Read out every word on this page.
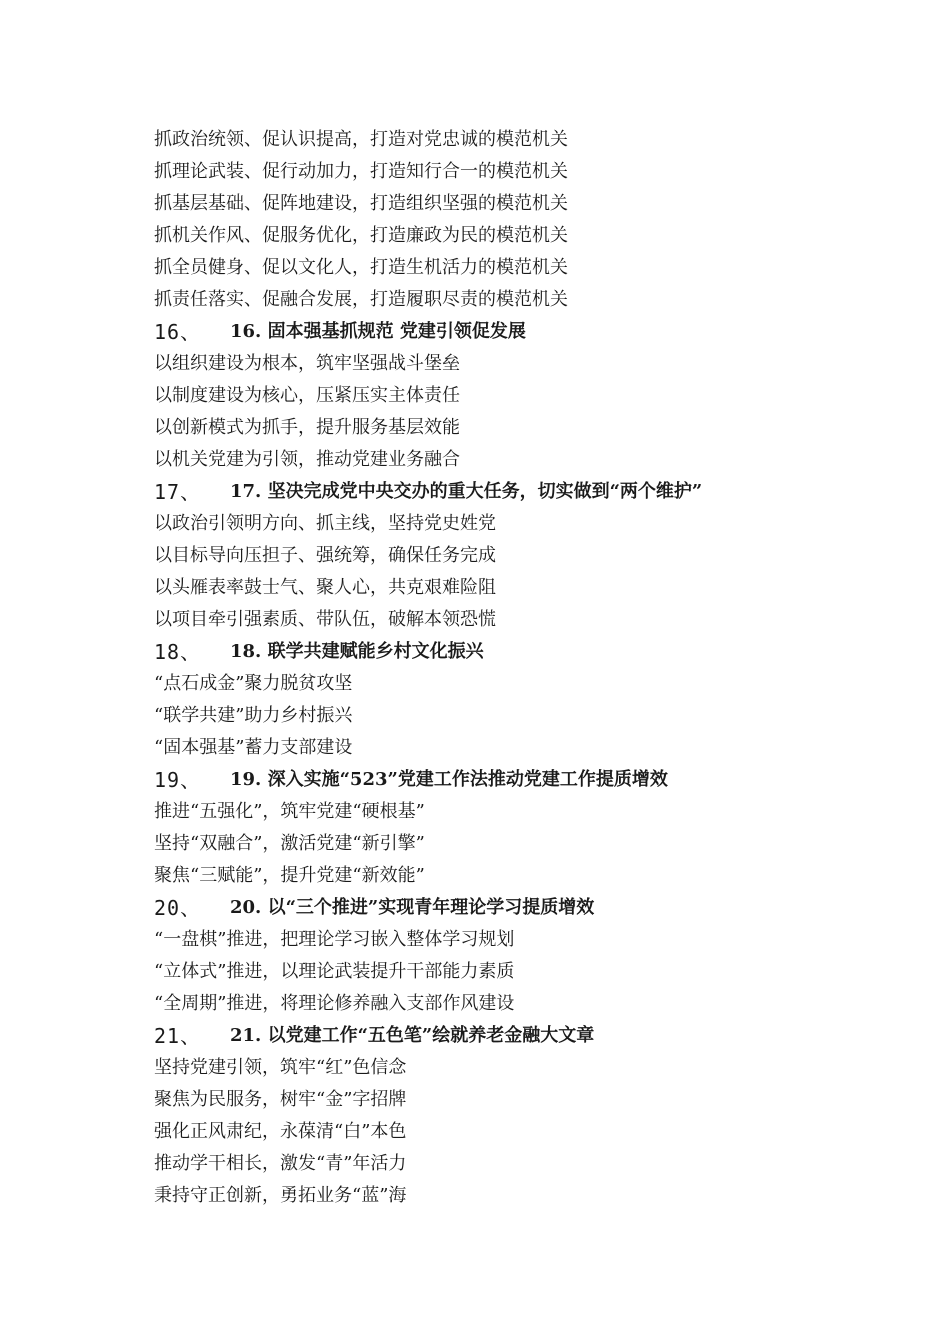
抓政治统领、促认识提高，打造对党忠诚的模范机关
抓理论武装、促行动加力，打造知行合一的模范机关
抓基层基础、促阵地建设，打造组织坚强的模范机关
抓机关作风、促服务优化，打造廉政为民的模范机关
抓全员健身、促以文化人，打造生机活力的模范机关
抓责任落实、促融合发展，打造履职尽责的模范机关
16、	16. 固本强基抓规范 党建引领促发展
以组织建设为根本，筑牢坚强战斗堡垒
以制度建设为核心，压紧压实主体责任
以创新模式为抓手，提升服务基层效能
以机关党建为引领，推动党建业务融合
17、	17. 坚决完成党中央交办的重大任务，切实做到“两个维护”
以政治引领明方向、抓主线，坚持党史姓党
以目标导向压担子、强统筹，确保任务完成
以头雁表率鼓士气、聚人心，共克艰难险阻
以项目牵引强素质、带队伍，破解本领恐慌
18、	18. 联学共建赋能乡村文化振兴
“点石成金”聚力脱贫攻坚
“联学共建”助力乡村振兴
“固本强基”蓄力支部建设
19、	19. 深入实施“523”党建工作法推动党建工作提质增效
推进“五强化”，筑牢党建“硬根基”
坚持“双融合”，激活党建“新引擎”
聚焦“三赋能”，提升党建“新效能”
20、	20. 以“三个推进”实现青年理论学习提质增效
“一盘棋”推进，把理论学习嵌入整体学习规划
“立体式”推进，以理论武装提升干部能力素质
“全周期”推进，将理论修养融入支部作风建设
21、	21. 以党建工作“五色笔”绘就养老金融大文章
坚持党建引领，筑牢“红”色信念
聚焦为民服务，树牢“金”字招牌
强化正风肃纪，永葆清“白”本色
推动学干相长，激发“青”年活力
秉持守正创新，勇拓业务“蓝”海
